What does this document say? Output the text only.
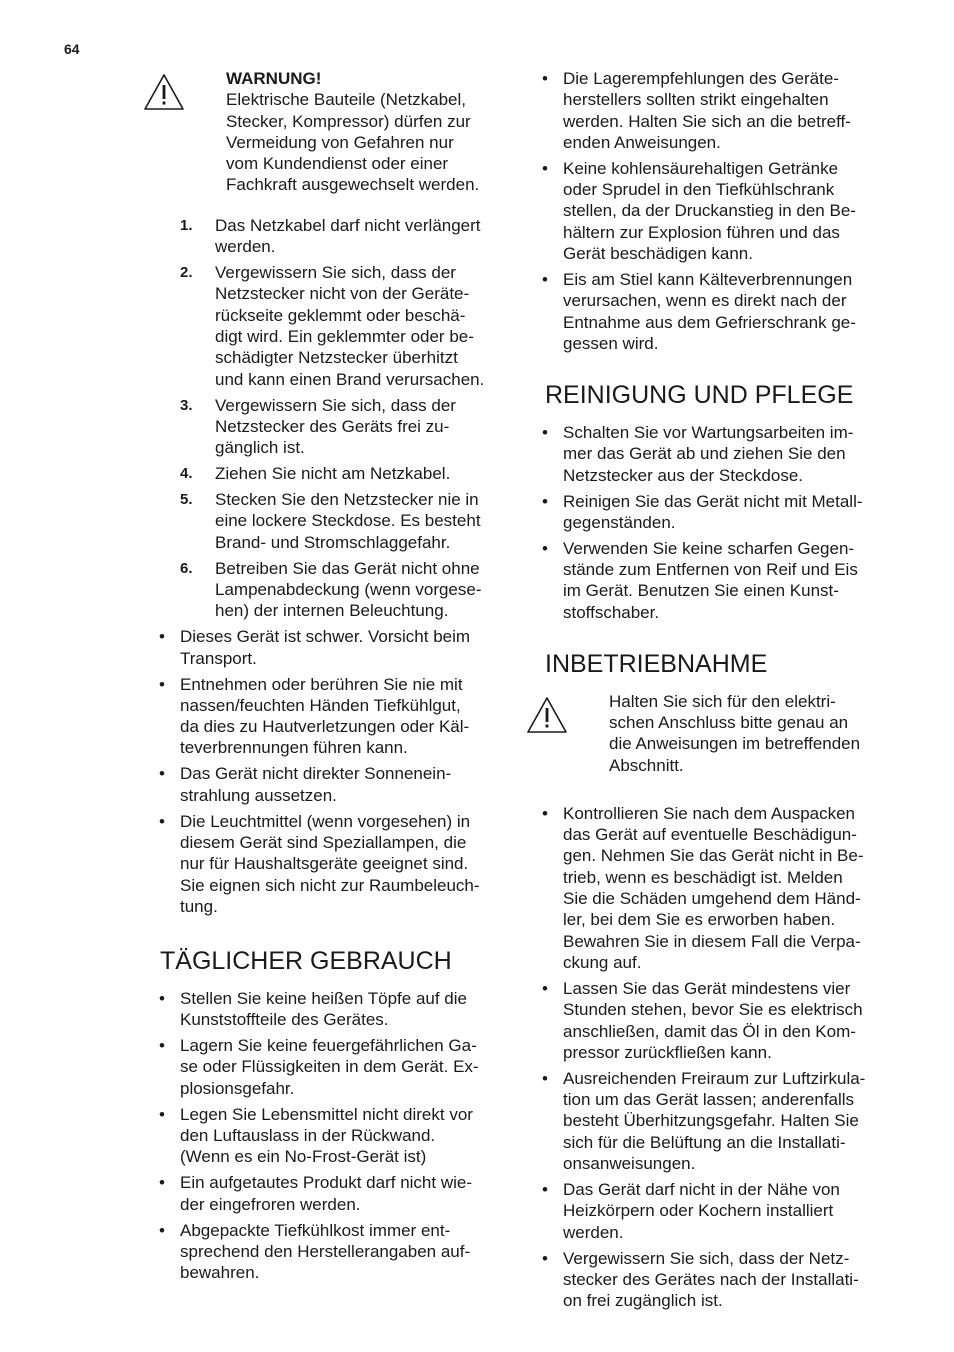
64
WARNUNG!
Elektrische Bauteile (Netzkabel,
Stecker, Kompressor) dürfen zur
Vermeidung von Gefahren nur
vom Kundendienst oder einer
Fachkraft ausgewechselt werden.
1. Das Netzkabel darf nicht verlängert
werden.
2. Vergewissern Sie sich, dass der
Netzstecker nicht von der Geräte-
rückseite geklemmt oder beschä-
digt wird. Ein geklemmter oder be-
schädigter Netzstecker überhitzt
und kann einen Brand verursachen.
3. Vergewissern Sie sich, dass der
Netzstecker des Geräts frei zu-
gänglich ist.
4. Ziehen Sie nicht am Netzkabel.
5. Stecken Sie den Netzstecker nie in
eine lockere Steckdose. Es besteht
Brand- und Stromschlaggefahr.
6. Betreiben Sie das Gerät nicht ohne
Lampenabdeckung (wenn vorgese-
hen) der internen Beleuchtung.
• Dieses Gerät ist schwer. Vorsicht beim
Transport.
• Entnehmen oder berühren Sie nie mit
nassen/feuchten Händen Tiefkühlgut,
da dies zu Hautverletzungen oder Käl-
teverbrennungen führen kann.
• Das Gerät nicht direkter Sonnenein-
strahlung aussetzen.
• Die Leuchtmittel (wenn vorgesehen) in
diesem Gerät sind Speziallampen, die
nur für Haushaltsgeräte geeignet sind.
Sie eignen sich nicht zur Raumbeleuch-
tung.
TÄGLICHER GEBRAUCH
• Stellen Sie keine heißen Töpfe auf die
Kunststoffteile des Gerätes.
• Lagern Sie keine feuergefährlichen Ga-
se oder Flüssigkeiten in dem Gerät. Ex-
plosionsgefahr.
• Legen Sie Lebensmittel nicht direkt vor
den Luftauslass in der Rückwand.
(Wenn es ein No-Frost-Gerät ist)
• Ein aufgetautes Produkt darf nicht wie-
der eingefroren werden.
• Abgepackte Tiefkühlkost immer ent-
sprechend den Herstellerangaben auf-
bewahren.
• Die Lagerempfehlungen des Geräte-
herstellers sollten strikt eingehalten
werden. Halten Sie sich an die betreff-
enden Anweisungen.
• Keine kohlensäurehaltigen Getränke
oder Sprudel in den Tiefkühlschrank
stellen, da der Druckanstieg in den Be-
hältern zur Explosion führen und das
Gerät beschädigen kann.
• Eis am Stiel kann Kälteverbrennungen
verursachen, wenn es direkt nach der
Entnahme aus dem Gefrierschrank ge-
gessen wird.
REINIGUNG UND PFLEGE
• Schalten Sie vor Wartungsarbeiten im-
mer das Gerät ab und ziehen Sie den
Netzstecker aus der Steckdose.
• Reinigen Sie das Gerät nicht mit Metall-
gegenständen.
• Verwenden Sie keine scharfen Gegen-
stände zum Entfernen von Reif und Eis
im Gerät. Benutzen Sie einen Kunst-
stoffschaber.
INBETRIEBNAHME
Halten Sie sich für den elektri-
schen Anschluss bitte genau an
die Anweisungen im betreffenden
Abschnitt.
• Kontrollieren Sie nach dem Auspacken
das Gerät auf eventuelle Beschädigun-
gen. Nehmen Sie das Gerät nicht in Be-
trieb, wenn es beschädigt ist. Melden
Sie die Schäden umgehend dem Händ-
ler, bei dem Sie es erworben haben.
Bewahren Sie in diesem Fall die Verpa-
ckung auf.
• Lassen Sie das Gerät mindestens vier
Stunden stehen, bevor Sie es elektrisch
anschließen, damit das Öl in den Kom-
pressor zurückfließen kann.
• Ausreichenden Freiraum zur Luftzirkula-
tion um das Gerät lassen; anderenfalls
besteht Überhitzungsgefahr. Halten Sie
sich für die Belüftung an die Installati-
onsanweisungen.
• Das Gerät darf nicht in der Nähe von
Heizkörpern oder Kochern installiert
werden.
• Vergewissern Sie sich, dass der Netz-
stecker des Gerätes nach der Installati-
on frei zugänglich ist.
